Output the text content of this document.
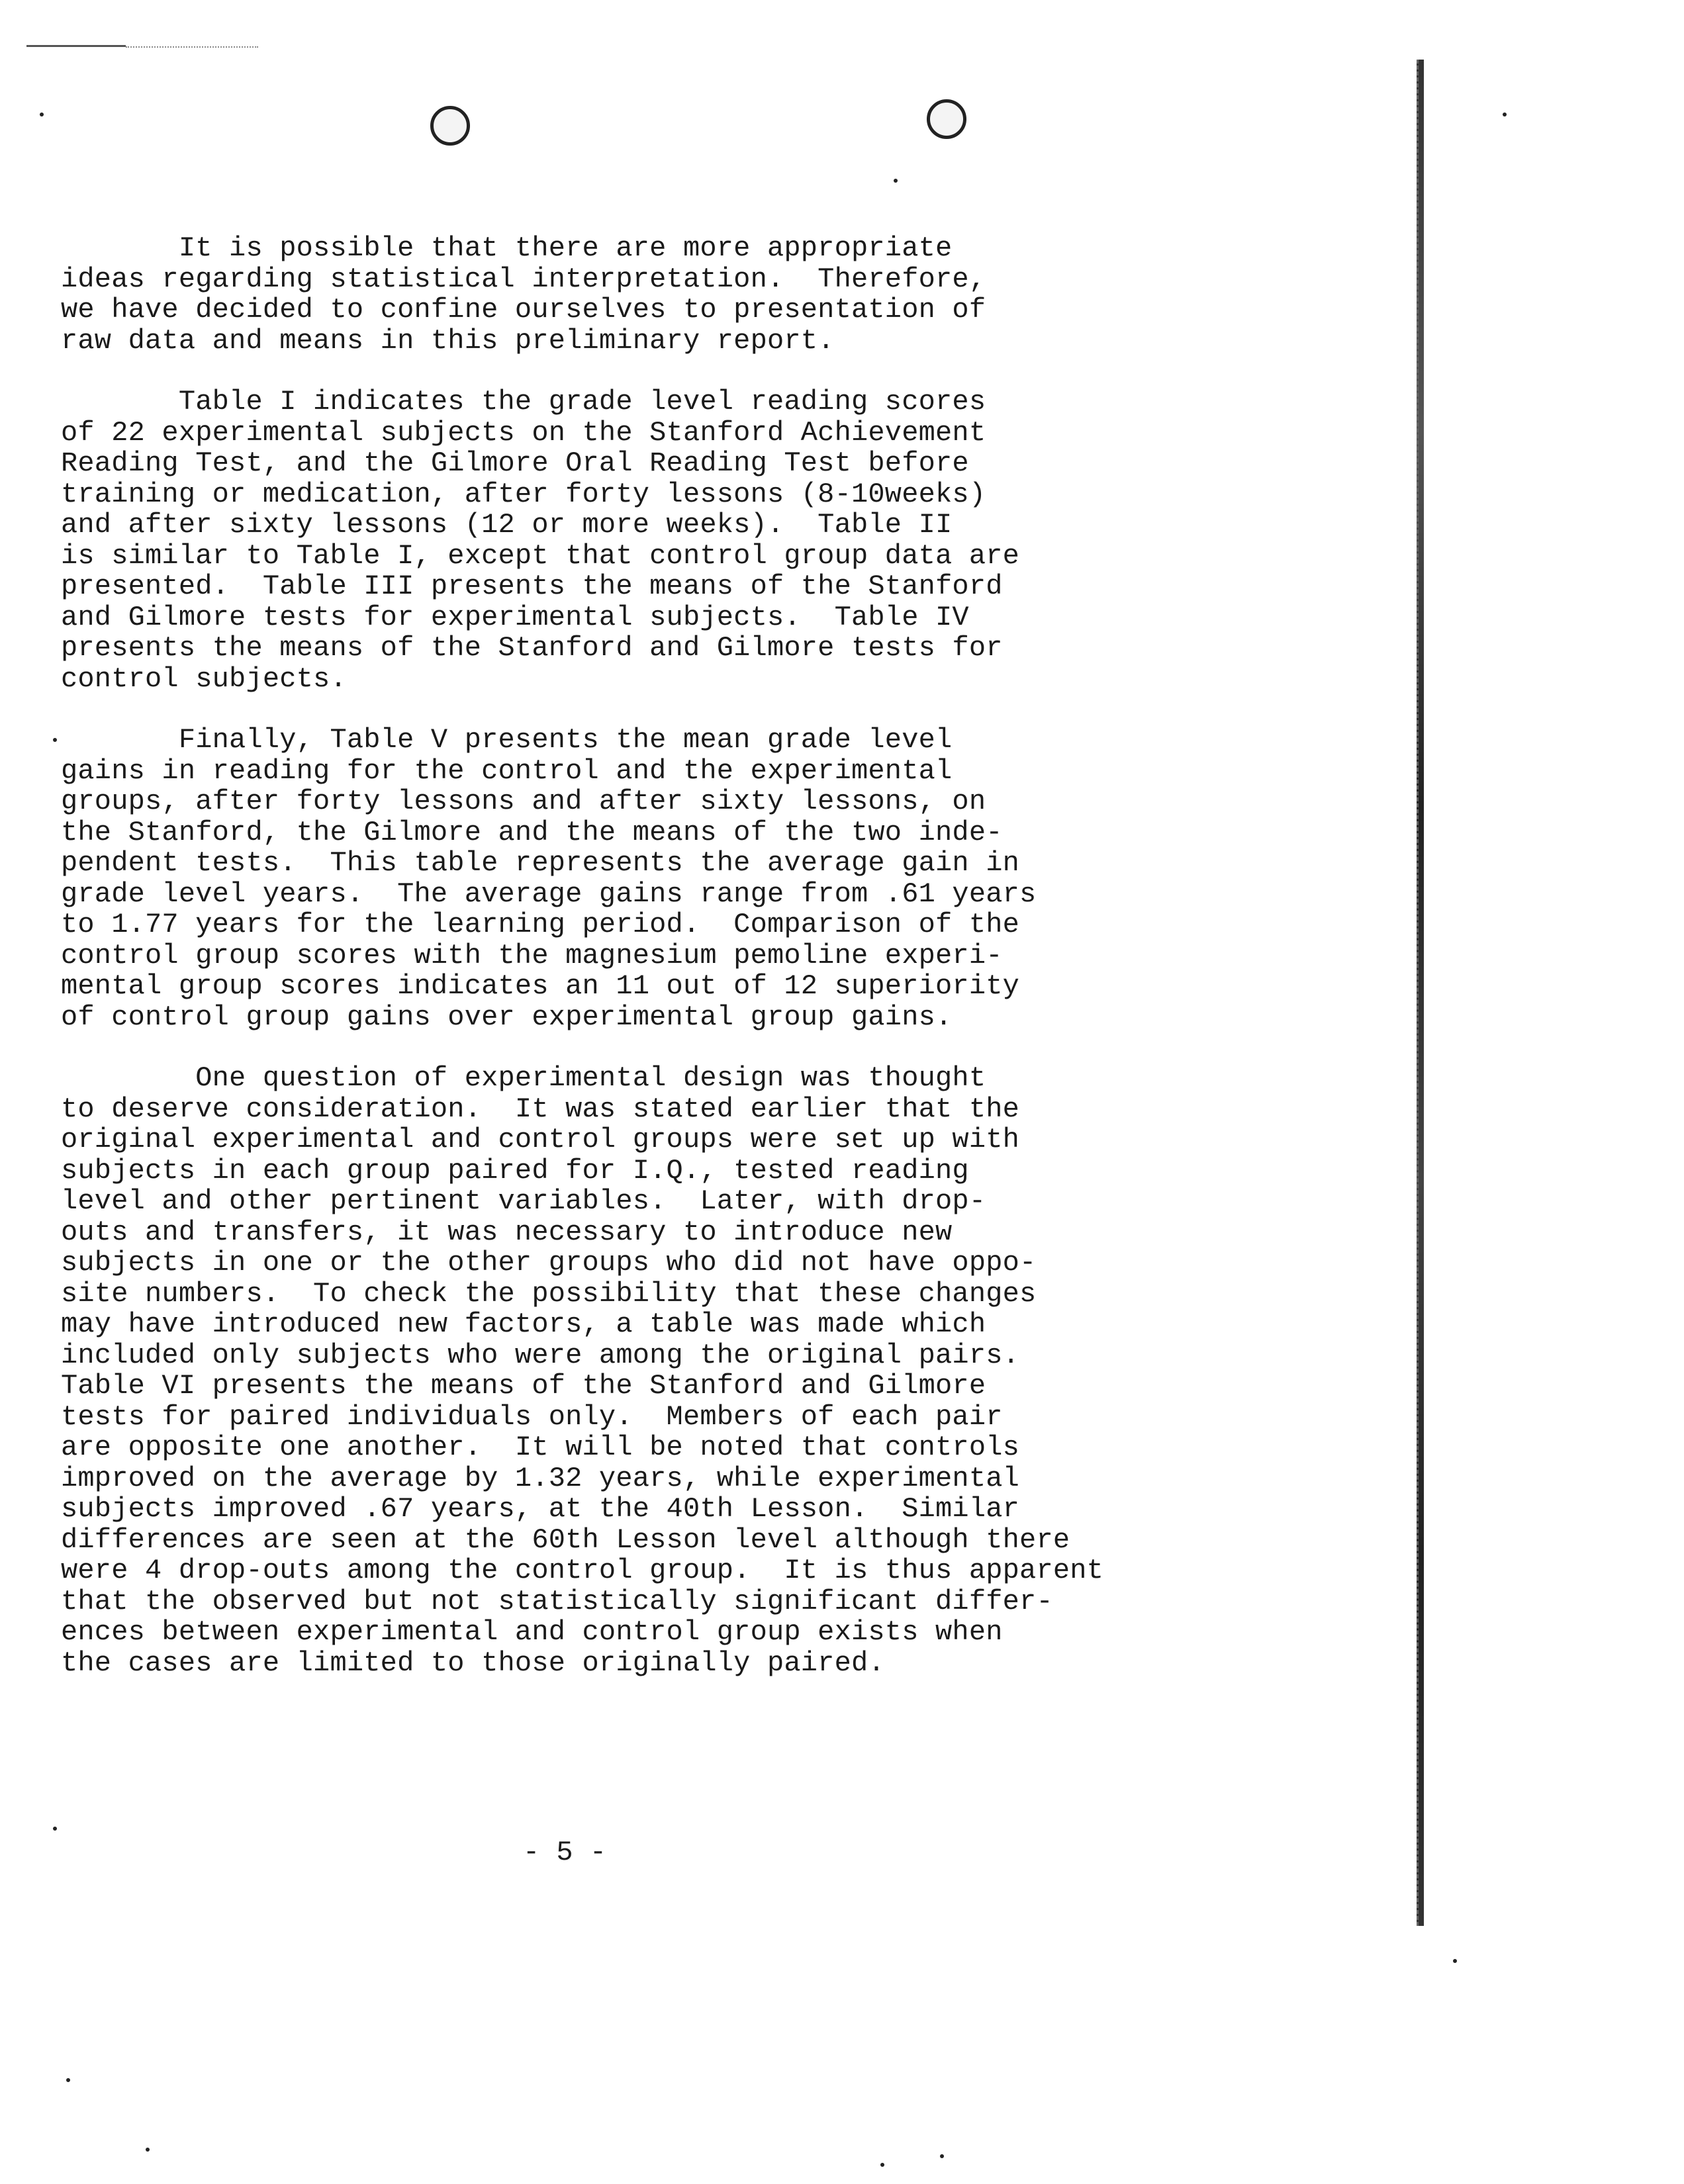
It is possible that there are more appropriate
ideas regarding statistical interpretation.  Therefore,
we have decided to confine ourselves to presentation of
raw data and means in this preliminary report.

Table I indicates the grade level reading scores
of 22 experimental subjects on the Stanford Achievement
Reading Test, and the Gilmore Oral Reading Test before
training or medication, after forty lessons (8-10weeks)
and after sixty lessons (12 or more weeks).  Table II
is similar to Table I, except that control group data are
presented.  Table III presents the means of the Stanford
and Gilmore tests for experimental subjects.  Table IV
presents the means of the Stanford and Gilmore tests for
control subjects.

Finally, Table V presents the mean grade level
gains in reading for the control and the experimental
groups, after forty lessons and after sixty lessons, on
the Stanford, the Gilmore and the means of the two inde-
pendent tests.  This table represents the average gain in
grade level years.  The average gains range from .61 years
to 1.77 years for the learning period.  Comparison of the
control group scores with the magnesium pemoline experi-
mental group scores indicates an 11 out of 12 superiority
of control group gains over experimental group gains.

One question of experimental design was thought
to deserve consideration.  It was stated earlier that the
original experimental and control groups were set up with
subjects in each group paired for I.Q., tested reading
level and other pertinent variables.  Later, with drop-
outs and transfers, it was necessary to introduce new
subjects in one or the other groups who did not have oppo-
site numbers.  To check the possibility that these changes
may have introduced new factors, a table was made which
included only subjects who were among the original pairs.
Table VI presents the means of the Stanford and Gilmore
tests for paired individuals only.  Members of each pair
are opposite one another.  It will be noted that controls
improved on the average by 1.32 years, while experimental
subjects improved .67 years, at the 40th Lesson.  Similar
differences are seen at the 60th Lesson level although there
were 4 drop-outs among the control group.  It is thus apparent
that the observed but not statistically significant differ-
ences between experimental and control group exists when
the cases are limited to those originally paired.

- 5 -
